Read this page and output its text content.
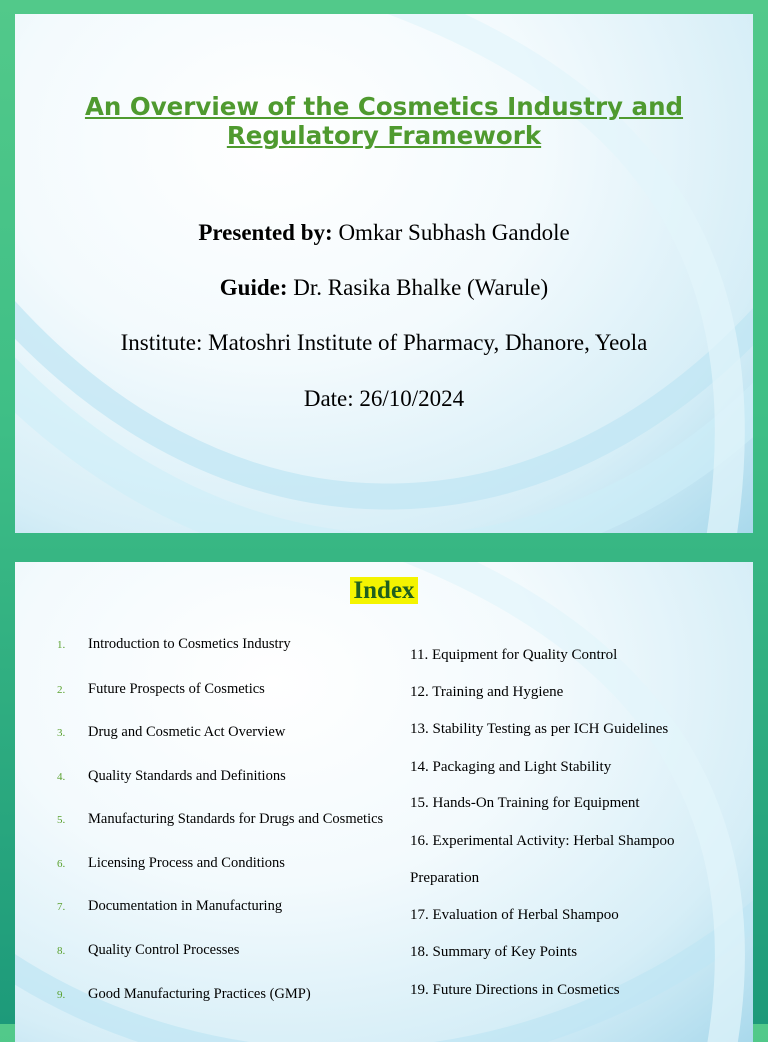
An Overview of the Cosmetics Industry and Regulatory Framework

Presented by: Omkar Subhash Gandole

Guide: Dr. Rasika Bhalke (Warule)

Institute: Matoshri Institute of Pharmacy, Dhanore, Yeola

Date: 26/10/2024

Index
1. Introduction to Cosmetics Industry
2. Future Prospects of Cosmetics
3. Drug and Cosmetic Act Overview
4. Quality Standards and Definitions
5. Manufacturing Standards for Drugs and Cosmetics
6. Licensing Process and Conditions
7. Documentation in Manufacturing
8. Quality Control Processes
9. Good Manufacturing Practices (GMP)
11. Equipment for Quality Control
12. Training and Hygiene
13. Stability Testing as per ICH Guidelines
14. Packaging and Light Stability
15. Hands-On Training for Equipment
16. Experimental Activity: Herbal Shampoo
Preparation
17. Evaluation of Herbal Shampoo
18. Summary of Key Points
19. Future Directions in Cosmetics
